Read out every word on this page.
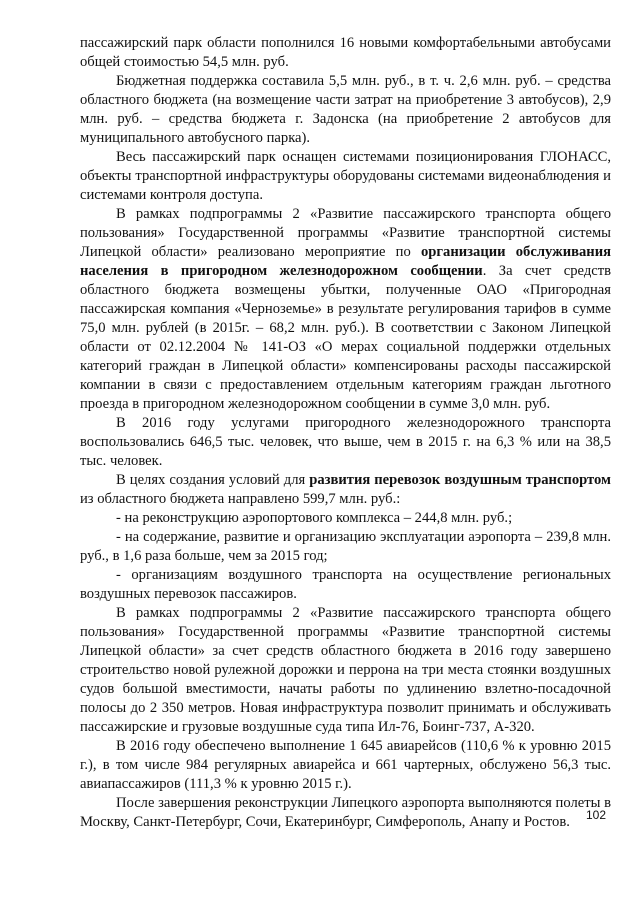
пассажирский парк области пополнился 16 новыми комфортабельными автобусами общей стоимостью 54,5 млн. руб.

Бюджетная поддержка составила 5,5 млн. руб., в т. ч. 2,6 млн. руб. – средства областного бюджета (на возмещение части затрат на приобретение 3 автобусов), 2,9 млн. руб. – средства бюджета г. Задонска (на приобретение 2 автобусов для муниципального автобусного парка).

Весь пассажирский парк оснащен системами позиционирования ГЛОНАСС, объекты транспортной инфраструктуры оборудованы системами видеонаблюдения и системами контроля доступа.

В рамках подпрограммы 2 «Развитие пассажирского транспорта общего пользования» Государственной программы «Развитие транспортной системы Липецкой области» реализовано мероприятие по организации обслуживания населения в пригородном железнодорожном сообщении. За счет средств областного бюджета возмещены убытки, полученные ОАО «Пригородная пассажирская компания «Черноземье» в результате регулирования тарифов в сумме 75,0 млн. рублей (в 2015г. – 68,2 млн. руб.). В соответствии с Законом Липецкой области от 02.12.2004 № 141-ОЗ «О мерах социальной поддержки отдельных категорий граждан в Липецкой области» компенсированы расходы пассажирской компании в связи с предоставлением отдельным категориям граждан льготного проезда в пригородном железнодорожном сообщении в сумме 3,0 млн. руб.

В 2016 году услугами пригородного железнодорожного транспорта воспользовались 646,5 тыс. человек, что выше, чем в 2015 г. на 6,3 % или на 38,5 тыс. человек.

В целях создания условий для развития перевозок воздушным транспортом из областного бюджета направлено 599,7 млн. руб.:

- на реконструкцию аэропортового комплекса – 244,8 млн. руб.;

- на содержание, развитие и организацию эксплуатации аэропорта – 239,8 млн. руб., в 1,6 раза больше, чем за 2015 год;

- организациям воздушного транспорта на осуществление региональных воздушных перевозок пассажиров.

В рамках подпрограммы 2 «Развитие пассажирского транспорта общего пользования» Государственной программы «Развитие транспортной системы Липецкой области» за счет средств областного бюджета в 2016 году завершено строительство новой рулежной дорожки и перрона на три места стоянки воздушных судов большой вместимости, начаты работы по удлинению взлетно-посадочной полосы до 2 350 метров. Новая инфраструктура позволит принимать и обслуживать пассажирские и грузовые воздушные суда типа Ил-76, Боинг-737, А-320.

В 2016 году обеспечено выполнение 1 645 авиарейсов (110,6 % к уровню 2015 г.), в том числе 984 регулярных авиарейса и 661 чартерных, обслужено 56,3 тыс. авиапассажиров (111,3 % к уровню 2015 г.).

После завершения реконструкции Липецкого аэропорта выполняются полеты в Москву, Санкт-Петербург, Сочи, Екатеринбург, Симферополь, Анапу и Ростов.	102
